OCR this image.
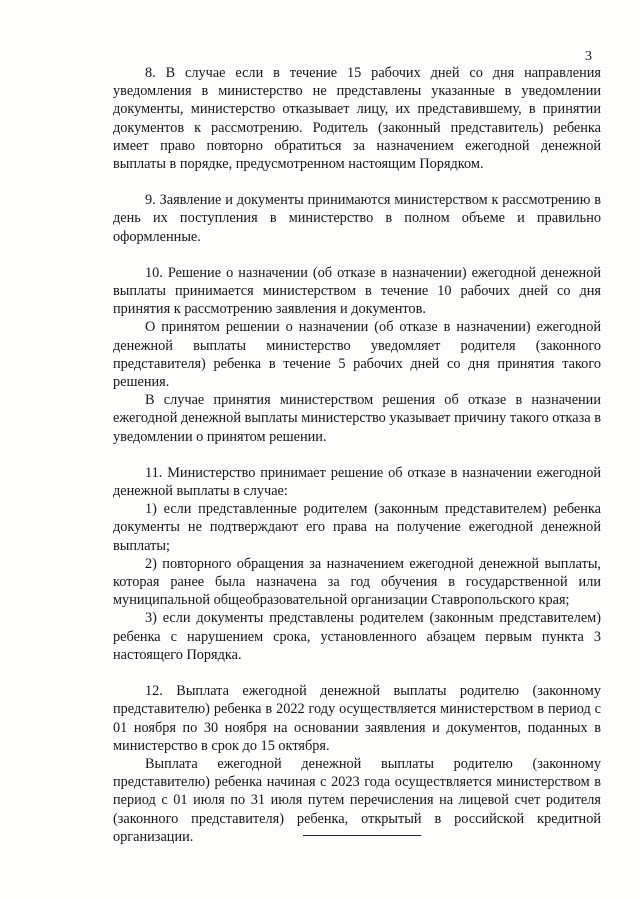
3

8. В случае если в течение 15 рабочих дней со дня направления уведомления в министерство не представлены указанные в уведомлении документы, министерство отказывает лицу, их представившему, в принятии документов к рассмотрению. Родитель (законный представитель) ребенка имеет право повторно обратиться за назначением ежегодной денежной выплаты в порядке, предусмотренном настоящим Порядком.

9. Заявление и документы принимаются министерством к рассмотрению в день их поступления в министерство в полном объеме и правильно оформленные.

10. Решение о назначении (об отказе в назначении) ежегодной денежной выплаты принимается министерством в течение 10 рабочих дней со дня принятия к рассмотрению заявления и документов.

О принятом решении о назначении (об отказе в назначении) ежегодной денежной выплаты министерство уведомляет родителя (законного представителя) ребенка в течение 5 рабочих дней со дня принятия такого решения.

В случае принятия министерством решения об отказе в назначении ежегодной денежной выплаты министерство указывает причину такого отказа в уведомлении о принятом решении.

11. Министерство принимает решение об отказе в назначении ежегодной денежной выплаты в случае:

1) если представленные родителем (законным представителем) ребенка документы не подтверждают его права на получение ежегодной денежной выплаты;

2) повторного обращения за назначением ежегодной денежной выплаты, которая ранее была назначена за год обучения в государственной или муниципальной общеобразовательной организации Ставропольского края;

3) если документы представлены родителем (законным представителем) ребенка с нарушением срока, установленного абзацем первым пункта 3 настоящего Порядка.

12. Выплата ежегодной денежной выплаты родителю (законному представителю) ребенка в 2022 году осуществляется министерством в период с 01 ноября по 30 ноября на основании заявления и документов, поданных в министерство в срок до 15 октября.

Выплата ежегодной денежной выплаты родителю (законному представителю) ребенка начиная с 2023 года осуществляется министерством в период с 01 июля по 31 июля путем перечисления на лицевой счет родителя (законного представителя) ребенка, открытый в российской кредитной организации.
